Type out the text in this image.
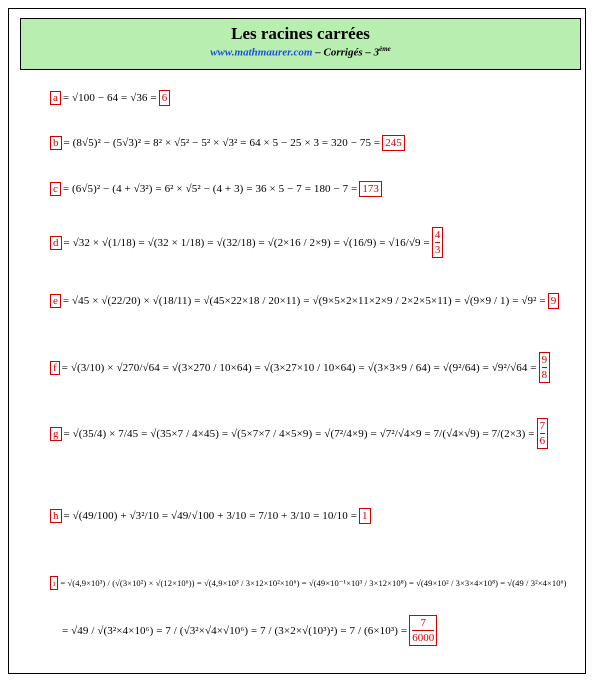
Les racines carrées
www.mathmaurer.com – Corrigés – 3ème
a = √100 − 64 = √36 = 6
b = (8√5)² − (5√3)² = 8² × √5² − 5² × √3² = 64 × 5 − 25 × 3 = 320 − 75 = 245
c = (6√5)² − (4 + √3²) = 6² × √5² − (4 + 3) = 36 × 5 − 7 = 180 − 7 = 173
d = √32 × √(1/18) = √(32 × 1/18) = √(32/18) = √(2×16 / 2×9) = √(16/9) = √16/√9 =
4
3
e = √45 × √(22/20) × √(18/11) = √(45×22×18 / 20×11) = √(9×5×2×11×2×9 / 2×2×5×11) = √(9×9 / 1) = √9² = 9
f = √(3/10) × √270/√64 = √(3×270 / 10×64) = √(3×27×10 / 10×64) = √(3×3×9 / 64) = √(9²/64) = √9²/√64 =
9
8
g = √(35/4) × 7/45 = √(35×7 / 4×45) = √(5×7×7 / 4×5×9) = √(7²/4×9) = √7²/√4×9 = 7/(√4×√9) = 7/(2×3) =
7
6
h = √(49/100) + √3²/10 = √49/√100 + 3/10 = 7/10 + 3/10 = 10/10 = 1
i = √(4,9×10³) / (√(3×10²) × √(12×10⁶)) = √(4,9×10³ / 3×12×10²×10⁶) = √(49×10⁻¹×10³ / 3×12×10⁸) = √(49×10² / 3×3×4×10⁸) = √(49 / 3²×4×10⁶)
= √49 / √(3²×4×10⁶) = 7 / (√3²×√4×√10⁶) = 7 / (3×2×√(10³)²) = 7 / (6×10³) =
7
6000
